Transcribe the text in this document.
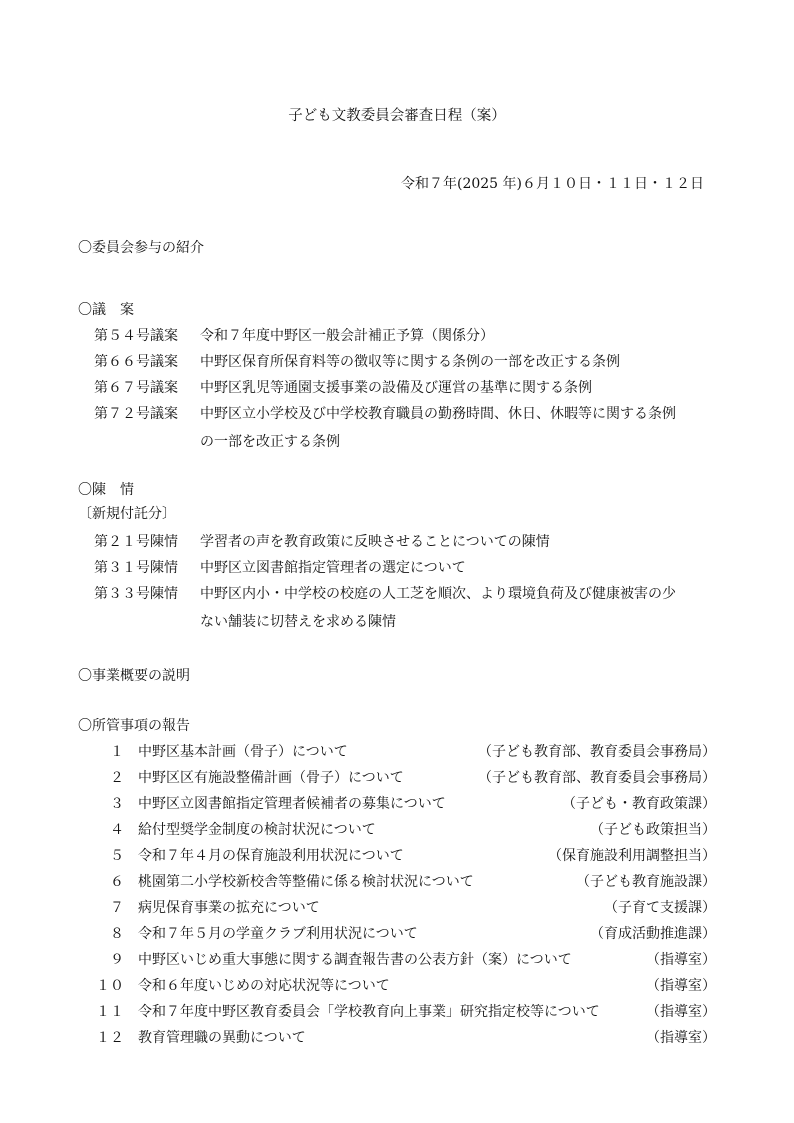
子ども文教委員会審査日程（案）
令和７年(2025 年)６月１０日・１１日・１２日
〇委員会参与の紹介
〇議　案
第５４号議案 令和７年度中野区一般会計補正予算（関係分）
第６６号議案 中野区保育所保育料等の徴収等に関する条例の一部を改正する条例
第６７号議案 中野区乳児等通園支援事業の設備及び運営の基準に関する条例
第７２号議案 中野区立小学校及び中学校教育職員の勤務時間、休日、休暇等に関する条例
の一部を改正する条例
〇陳　情
〔新規付託分〕
第２１号陳情 学習者の声を教育政策に反映させることについての陳情
第３１号陳情 中野区立図書館指定管理者の選定について
第３３号陳情 中野区内小・中学校の校庭の人工芝を順次、より環境負荷及び健康被害の少
ない舗装に切替えを求める陳情
〇事業概要の説明
〇所管事項の報告
１ 中野区基本計画（骨子）について	（子ども教育部、教育委員会事務局）
２ 中野区区有施設整備計画（骨子）について	（子ども教育部、教育委員会事務局）
３ 中野区立図書館指定管理者候補者の募集について	（子ども・教育政策課）
４ 給付型奨学金制度の検討状況について	（子ども政策担当）
５ 令和７年４月の保育施設利用状況について	（保育施設利用調整担当）
６ 桃園第二小学校新校舎等整備に係る検討状況について	（子ども教育施設課）
７ 病児保育事業の拡充について	（子育て支援課）
８ 令和７年５月の学童クラブ利用状況について	（育成活動推進課）
９ 中野区いじめ重大事態に関する調査報告書の公表方針（案）について	（指導室）
１０ 令和６年度いじめの対応状況等について	（指導室）
１１ 令和７年度中野区教育委員会「学校教育向上事業」研究指定校等について	（指導室）
１２ 教育管理職の異動について	（指導室）
